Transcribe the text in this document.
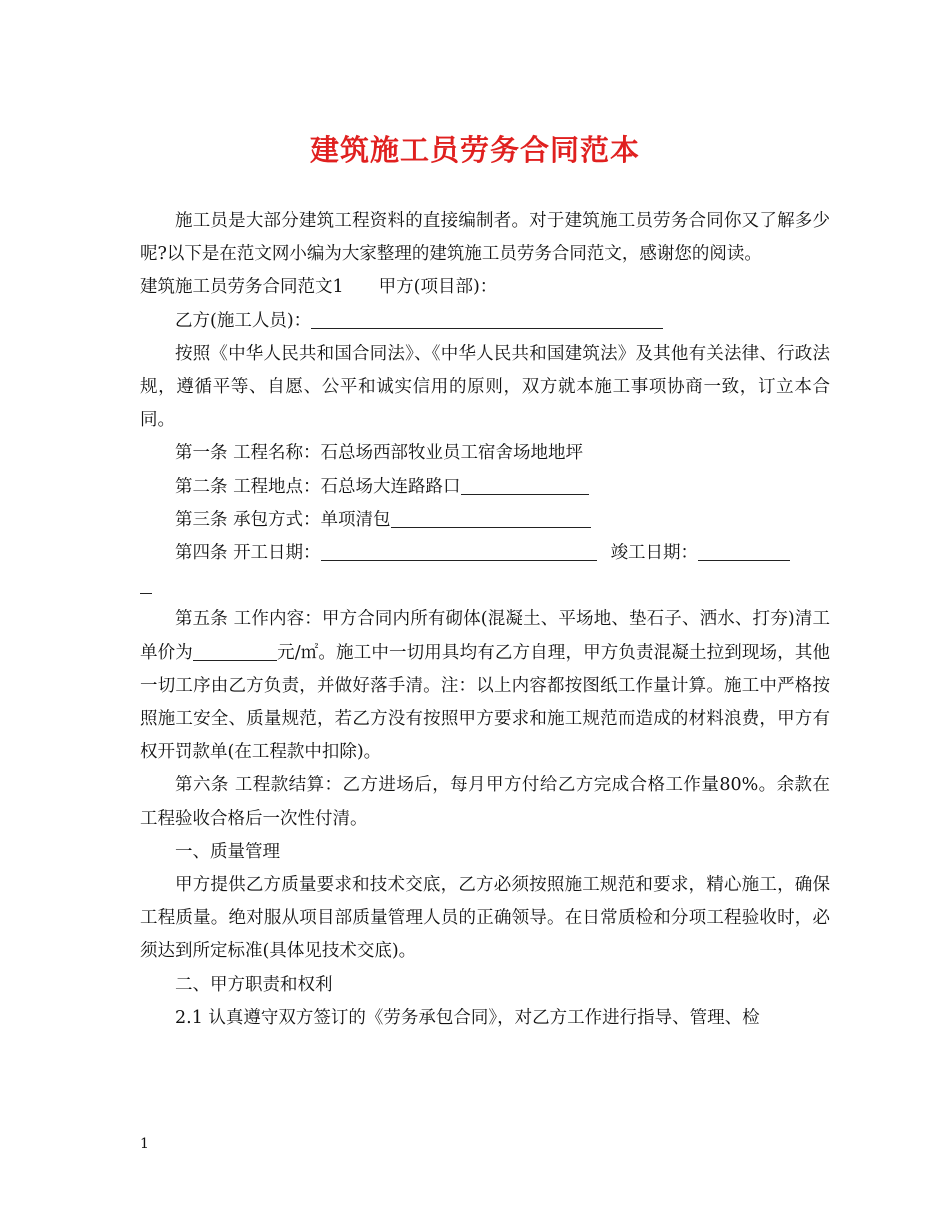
建筑施工员劳务合同范本

施工员是大部分建筑工程资料的直接编制者。对于建筑施工员劳务合同你又了解多少呢?以下是在范文网小编为大家整理的建筑施工员劳务合同范文，感谢您的阅读。

建筑施工员劳务合同范文1 甲方(项目部)：

乙方(施工人员)：

按照《中华人民共和国合同法》、《中华人民共和国建筑法》及其他有关法律、行政法规，遵循平等、自愿、公平和诚实信用的原则，双方就本施工事项协商一致，订立本合同。

第一条 工程名称：石总场西部牧业员工宿舍场地地坪

第二条 工程地点：石总场大连路路口

第三条 承包方式：单项清包

第四条 开工日期：	竣工日期：

第五条 工作内容：甲方合同内所有砌体(混凝土、平场地、垫石子、洒水、打夯)清工单价为	元/㎡。施工中一切用具均有乙方自理，甲方负责混凝土拉到现场，其他一切工序由乙方负责，并做好落手清。注：以上内容都按图纸工作量计算。施工中严格按照施工安全、质量规范，若乙方没有按照甲方要求和施工规范而造成的材料浪费，甲方有权开罚款单(在工程款中扣除)。

第六条 工程款结算：乙方进场后，每月甲方付给乙方完成合格工作量80%。余款在工程验收合格后一次性付清。

一、质量管理

甲方提供乙方质量要求和技术交底，乙方必须按照施工规范和要求，精心施工，确保工程质量。绝对服从项目部质量管理人员的正确领导。在日常质检和分项工程验收时，必须达到所定标准(具体见技术交底)。

二、甲方职责和权利

2.1 认真遵守双方签订的《劳务承包合同》，对乙方工作进行指导、管理、检

1
